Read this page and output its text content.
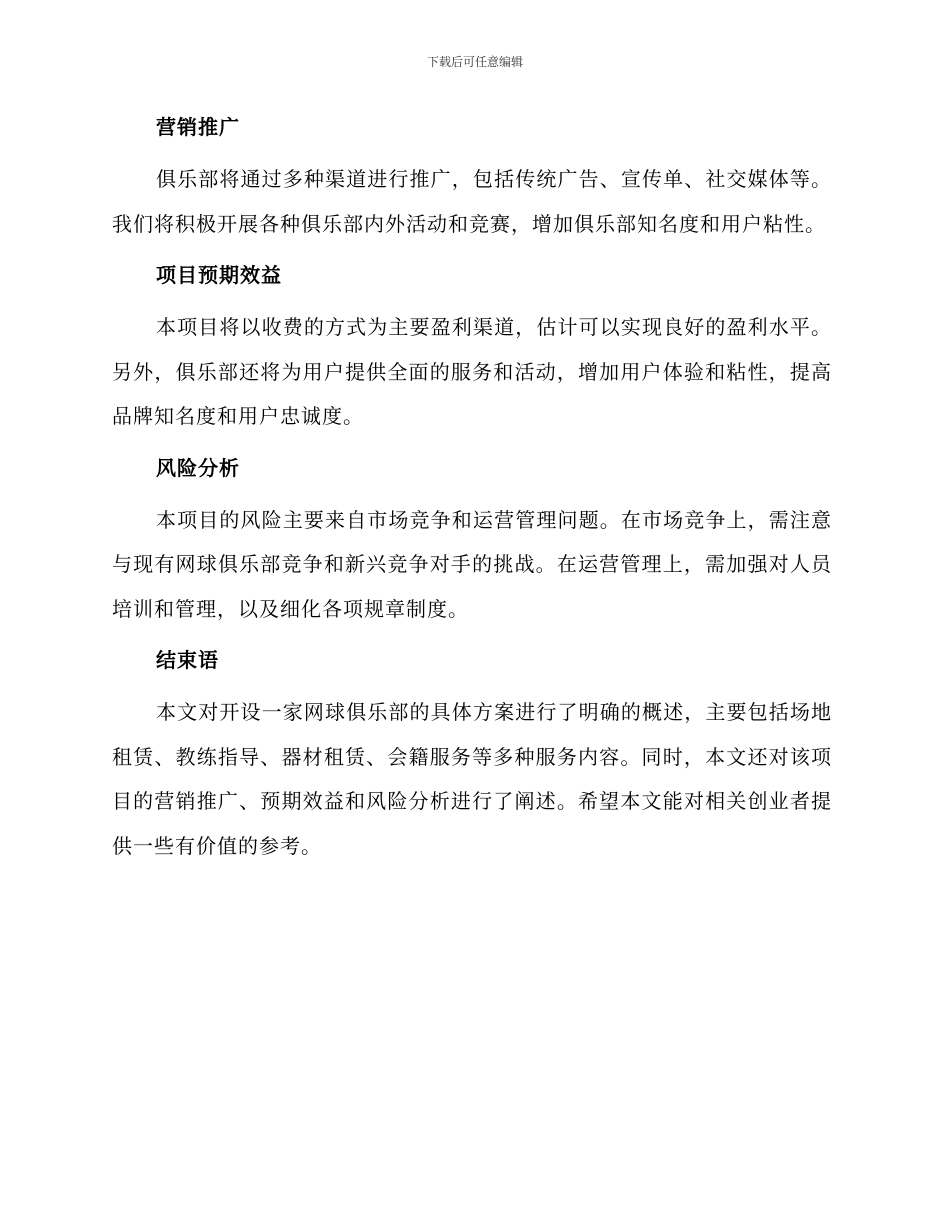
下载后可任意编辑
营销推广

俱乐部将通过多种渠道进行推广，包括传统广告、宣传单、社交媒体等。我们将积极开展各种俱乐部内外活动和竞赛，增加俱乐部知名度和用户粘性。

项目预期效益

本项目将以收费的方式为主要盈利渠道，估计可以实现良好的盈利水平。另外，俱乐部还将为用户提供全面的服务和活动，增加用户体验和粘性，提高品牌知名度和用户忠诚度。

风险分析

本项目的风险主要来自市场竞争和运营管理问题。在市场竞争上，需注意与现有网球俱乐部竞争和新兴竞争对手的挑战。在运营管理上，需加强对人员培训和管理，以及细化各项规章制度。

结束语

本文对开设一家网球俱乐部的具体方案进行了明确的概述，主要包括场地租赁、教练指导、器材租赁、会籍服务等多种服务内容。同时，本文还对该项目的营销推广、预期效益和风险分析进行了阐述。希望本文能对相关创业者提供一些有价值的参考。
